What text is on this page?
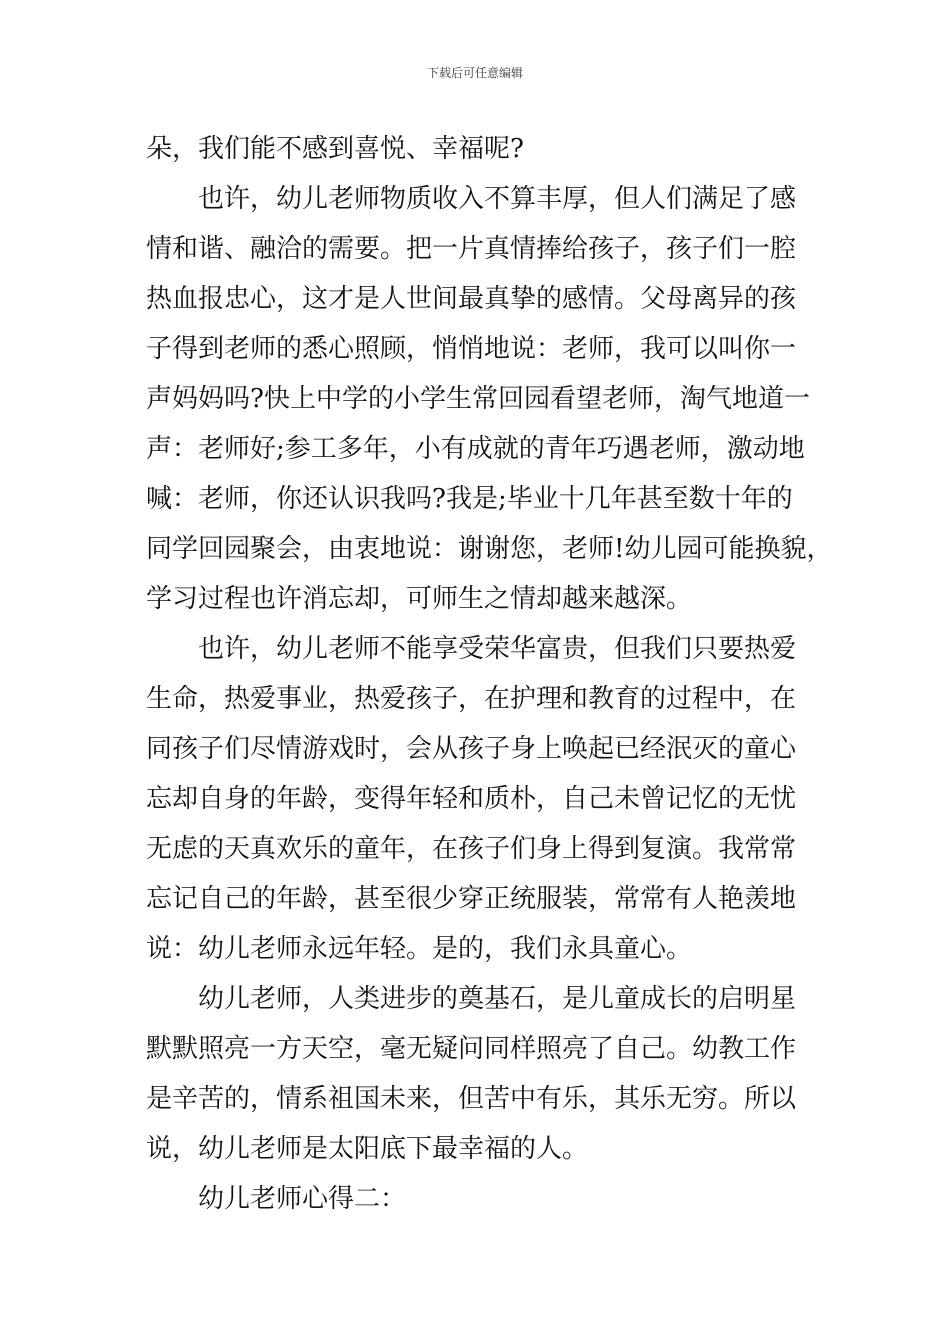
下载后可任意编辑
朵，我们能不感到喜悦、幸福呢?
也许，幼儿老师物质收入不算丰厚，但人们满足了感
情和谐、融洽的需要。把一片真情捧给孩子，孩子们一腔
热血报忠心，这才是人世间最真挚的感情。父母离异的孩
子得到老师的悉心照顾，悄悄地说：老师，我可以叫你一
声妈妈吗?快上中学的小学生常回园看望老师，淘气地道一
声：老师好;参工多年，小有成就的青年巧遇老师，激动地
喊：老师，你还认识我吗?我是;毕业十几年甚至数十年的
同学回园聚会，由衷地说：谢谢您，老师!幼儿园可能换貌，
学习过程也许消忘却，可师生之情却越来越深。
也许，幼儿老师不能享受荣华富贵，但我们只要热爱
生命，热爱事业，热爱孩子，在护理和教育的过程中，在
同孩子们尽情游戏时，会从孩子身上唤起已经泯灭的童心
忘却自身的年龄，变得年轻和质朴，自己未曾记忆的无忧
无虑的天真欢乐的童年，在孩子们身上得到复演。我常常
忘记自己的年龄，甚至很少穿正统服装，常常有人艳羡地
说：幼儿老师永远年轻。是的，我们永具童心。
幼儿老师，人类进步的奠基石，是儿童成长的启明星
默默照亮一方天空，毫无疑问同样照亮了自己。幼教工作
是辛苦的，情系祖国未来，但苦中有乐，其乐无穷。所以
说，幼儿老师是太阳底下最幸福的人。
幼儿老师心得二：
